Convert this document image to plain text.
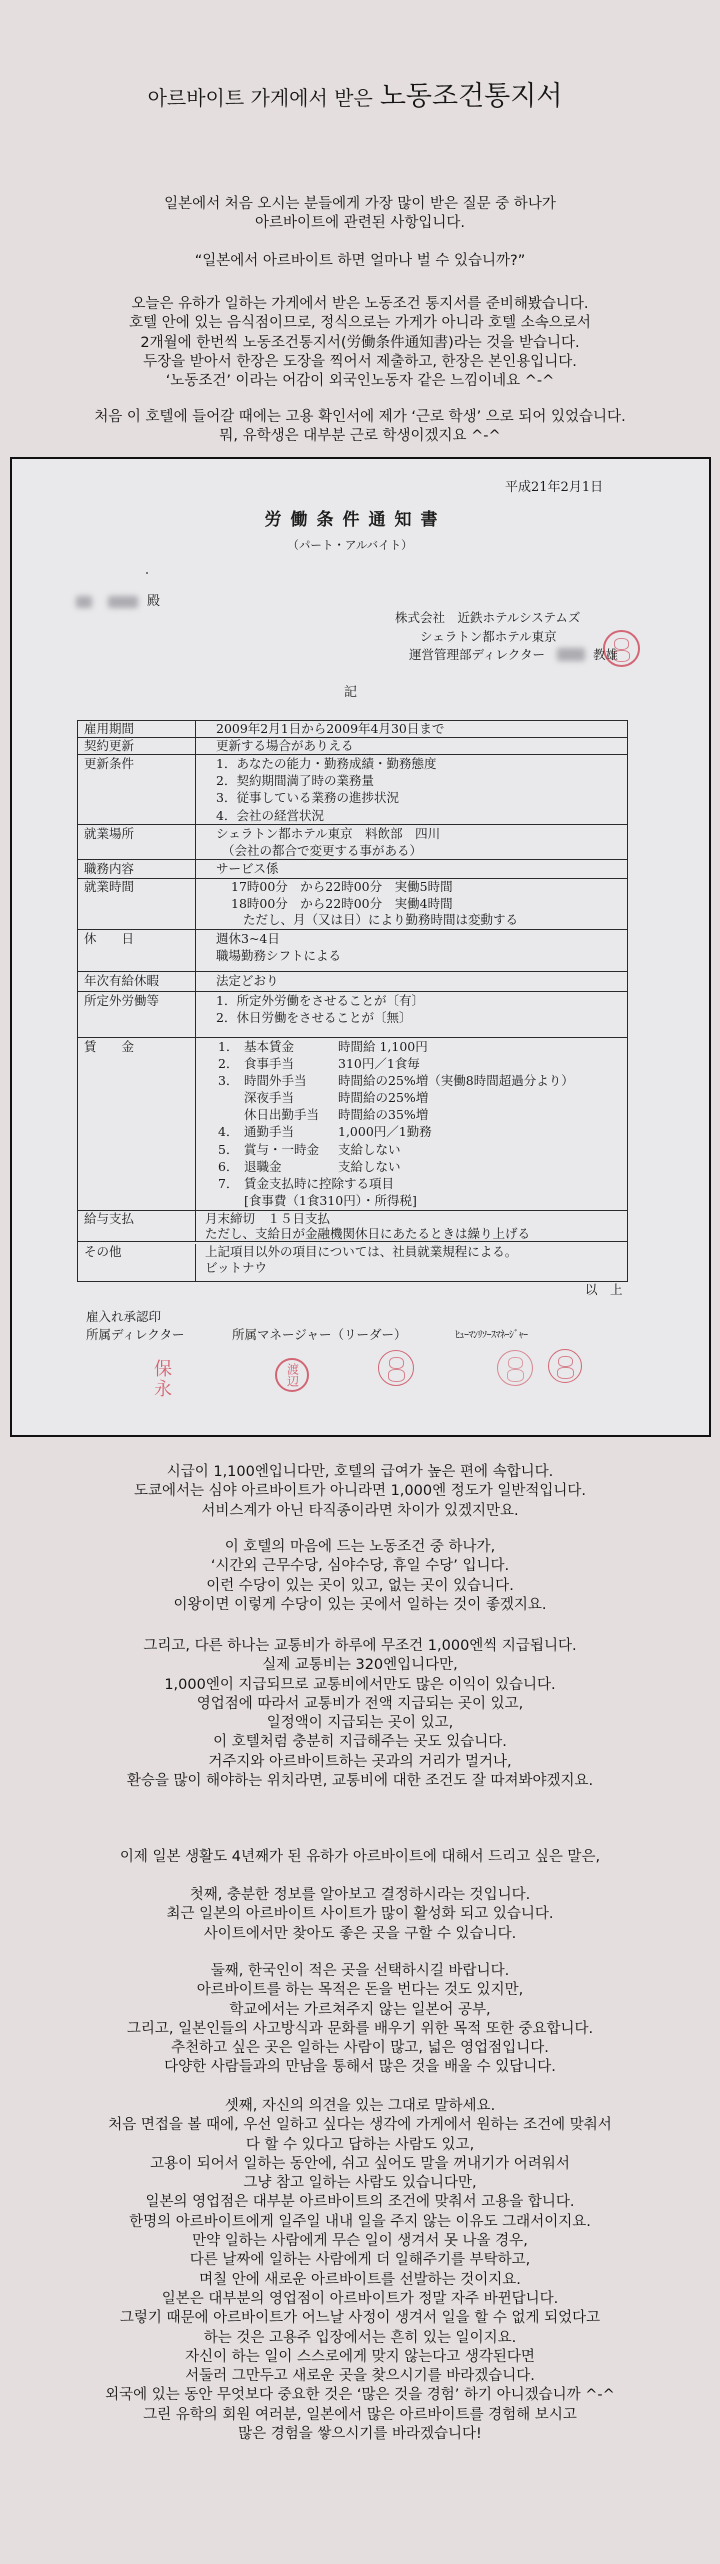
아르바이트 가게에서 받은 노동조건통지서
일본에서 처음 오시는 분들에게 가장 많이 받은 질문 중 하나가
아르바이트에 관련된 사항입니다.
“일본에서 아르바이트 하면 얼마나 벌 수 있습니까?”
오늘은 유하가 일하는 가게에서 받은 노동조건 통지서를 준비해봤습니다.
호텔 안에 있는 음식점이므로, 정식으로는 가게가 아니라 호텔 소속으로서
2개월에 한번씩 노동조건통지서(労働条件通知書)라는 것을 받습니다.
두장을 받아서 한장은 도장을 찍어서 제출하고, 한장은 본인용입니다.
‘노동조건’ 이라는 어감이 외국인노동자 같은 느낌이네요 ^-^
처음 이 호텔에 들어갈 때에는 고용 확인서에 제가 ‘근로 학생’ 으로 되어 있었습니다.
뭐, 유학생은 대부분 근로 학생이겠지요 ^-^
平成21年2月1日
労働条件通知書
（パート・アルバイト）
殿
株式会社　近鉄ホテルシステムズ
シェラトン都ホテル東京
運営管理部ディレクター	教雄
記
雇用期間	2009年2月1日から2009年4月30日まで
契約更新	更新する場合がありえる
更新条件	1．あなたの能力・勤務成績・勤務態度
2．契約期間満了時の業務量
3．従事している業務の進捗状況
4．会社の経営状況
就業場所	シェラトン都ホテル東京　料飲部　四川
（会社の都合で変更する事がある）
職務内容	サービス係
就業時間	17時00分　から22時00分　実働5時間
18時00分　から22時00分　実働4時間
ただし、月（又は日）により勤務時間は変動する
休　　日	週休3~4日
職場勤務シフトによる
年次有給休暇	法定どおり
所定外労働等	1．所定外労働をさせることが〔有〕
2．休日労働をさせることが〔無〕
賃　　金	1． 基本賃金	時間給 1,100円
2． 食事手当	310円／1食毎
3． 時間外手当	時間給の25%増（実働8時間超過分より）
深夜手当	時間給の25%増
休日出勤手当	時間給の35%増
4． 通勤手当	1,000円／1勤務
5． 賞与・一時金	支給しない
6． 退職金	支給しない
7． 賃金支払時に控除する項目
[食事費（1食310円）・所得税]
給与支払	月末締切　１５日支払
ただし、支給日が金融機関休日にあたるときは繰り上げる
その他	上記項目以外の項目については、社員就業規程による。
ビットナウ
以　上
雇入れ承認印
所属ディレクター	所属マネージャー（リーダー）	ﾋｭｰﾏﾝﾘｿｰｽﾏﾈｰｼﾞｬｰ
保永	渡辺
시급이 1,100엔입니다만, 호텔의 급여가 높은 편에 속합니다.
도쿄에서는 심야 아르바이트가 아니라면 1,000엔 정도가 일반적입니다.
서비스계가 아닌 타직종이라면 차이가 있겠지만요.
이 호텔의 마음에 드는 노동조건 중 하나가,
‘시간외 근무수당, 심야수당, 휴일 수당’ 입니다.
이런 수당이 있는 곳이 있고, 없는 곳이 있습니다.
이왕이면 이렇게 수당이 있는 곳에서 일하는 것이 좋겠지요.
그리고, 다른 하나는 교통비가 하루에 무조건 1,000엔씩 지급됩니다.
실제 교통비는 320엔입니다만,
1,000엔이 지급되므로 교통비에서만도 많은 이익이 있습니다.
영업점에 따라서 교통비가 전액 지급되는 곳이 있고,
일정액이 지급되는 곳이 있고,
이 호텔처럼 충분히 지급해주는 곳도 있습니다.
거주지와 아르바이트하는 곳과의 거리가 멀거나,
환승을 많이 해야하는 위치라면, 교통비에 대한 조건도 잘 따져봐야겠지요.
이제 일본 생활도 4년째가 된 유하가 아르바이트에 대해서 드리고 싶은 말은,
첫째, 충분한 정보를 알아보고 결정하시라는 것입니다.
최근 일본의 아르바이트 사이트가 많이 활성화 되고 있습니다.
사이트에서만 찾아도 좋은 곳을 구할 수 있습니다.
둘째, 한국인이 적은 곳을 선택하시길 바랍니다.
아르바이트를 하는 목적은 돈을 번다는 것도 있지만,
학교에서는 가르쳐주지 않는 일본어 공부,
그리고, 일본인들의 사고방식과 문화를 배우기 위한 목적 또한 중요합니다.
추천하고 싶은 곳은 일하는 사람이 많고, 넓은 영업점입니다.
다양한 사람들과의 만남을 통해서 많은 것을 배울 수 있답니다.
셋째, 자신의 의견을 있는 그대로 말하세요.
처음 면접을 볼 때에, 우선 일하고 싶다는 생각에 가게에서 원하는 조건에 맞춰서
다 할 수 있다고 답하는 사람도 있고,
고용이 되어서 일하는 동안에, 쉬고 싶어도 말을 꺼내기가 어려워서
그냥 참고 일하는 사람도 있습니다만,
일본의 영업점은 대부분 아르바이트의 조건에 맞춰서 고용을 합니다.
한명의 아르바이트에게 일주일 내내 일을 주지 않는 이유도 그래서이지요.
만약 일하는 사람에게 무슨 일이 생겨서 못 나올 경우,
다른 날짜에 일하는 사람에게 더 일해주기를 부탁하고,
며칠 안에 새로운 아르바이트를 선발하는 것이지요.
일본은 대부분의 영업점이 아르바이트가 정말 자주 바뀐답니다.
그렇기 때문에 아르바이트가 어느날 사정이 생겨서 일을 할 수 없게 되었다고
하는 것은 고용주 입장에서는 흔히 있는 일이지요.
자신이 하는 일이 스스로에게 맞지 않는다고 생각된다면
서둘러 그만두고 새로운 곳을 찾으시기를 바라겠습니다.
외국에 있는 동안 무엇보다 중요한 것은 ‘많은 것을 경험’ 하기 아니겠습니까 ^-^
그린 유학의 회원 여러분, 일본에서 많은 아르바이트를 경험해 보시고
많은 경험을 쌓으시기를 바라겠습니다!
